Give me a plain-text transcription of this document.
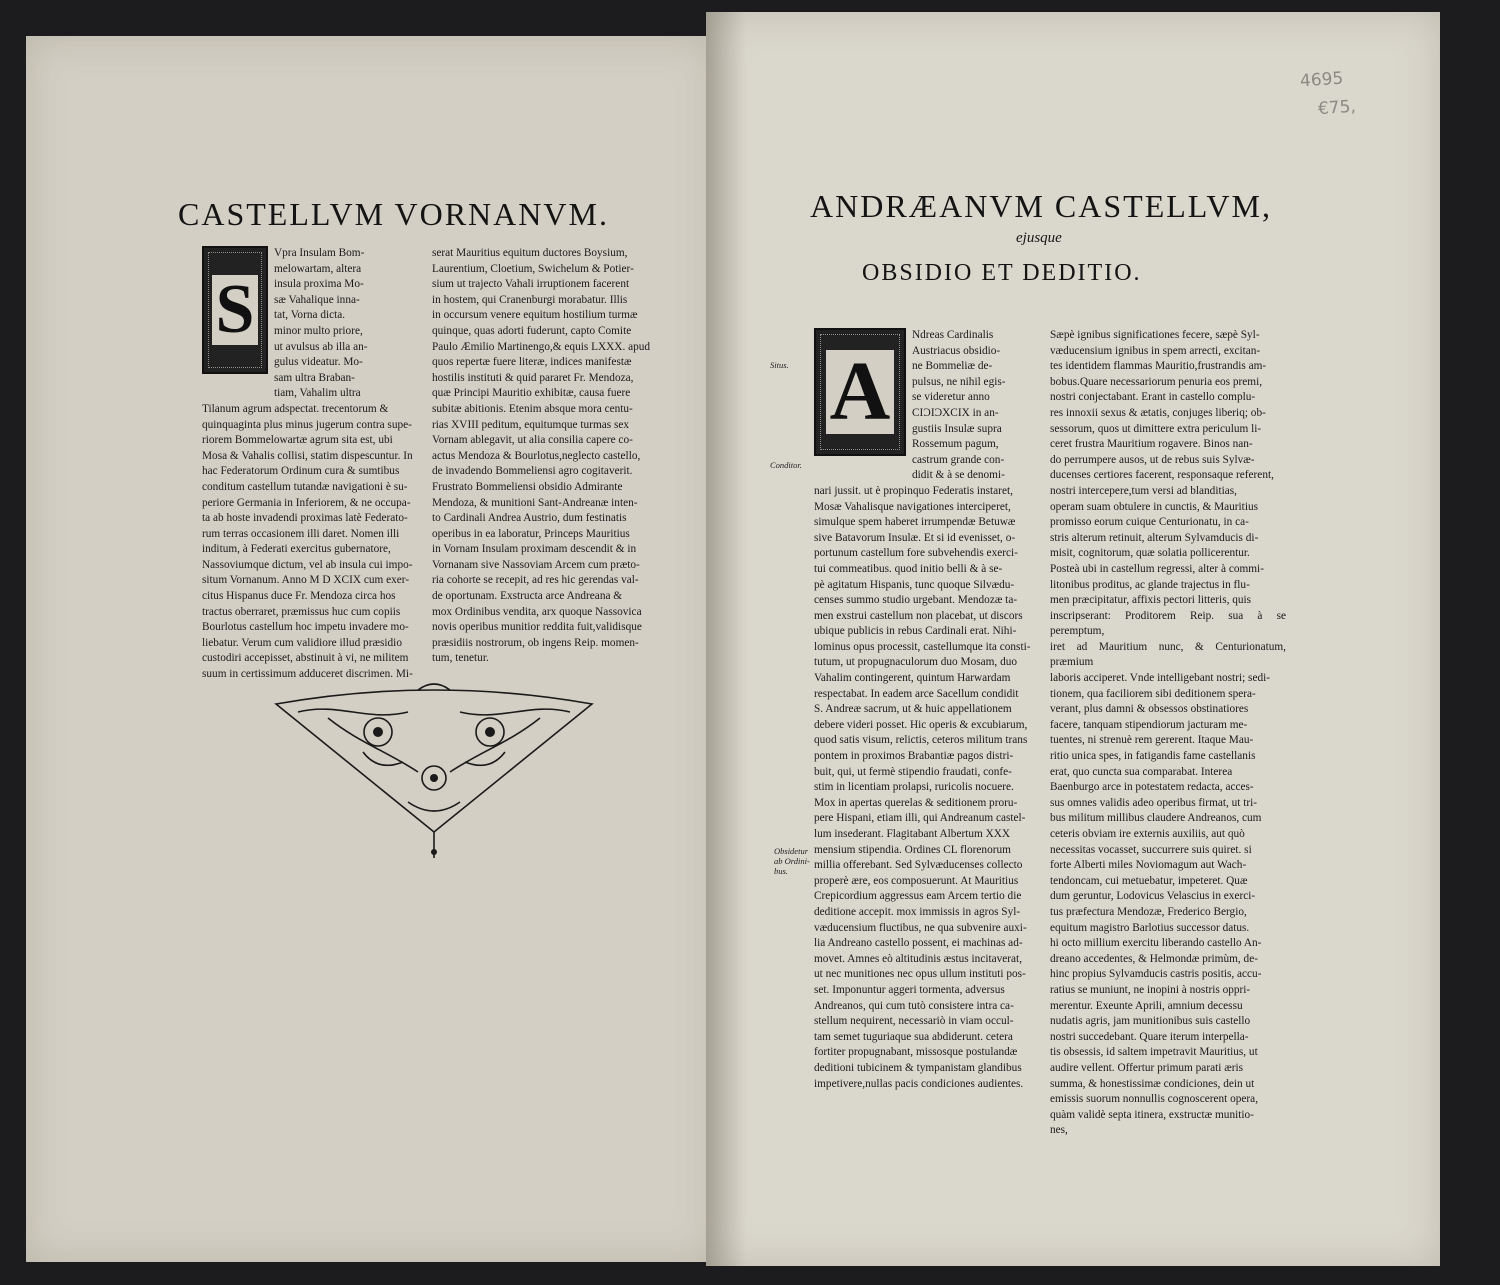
CASTELLVM VORNANVM.
S

Vpra Insulam Bom-
melowartam, altera
insula proxima Mo-
sæ Vahalique inna-
tat, Vorna dicta.
minor multo priore,
ut avulsus ab illa an-
gulus videatur. Mo-
sam ultra Braban-
tiam, Vahalim ultra
Tilanum agrum adspectat. trecentorum &
quinquaginta plus minus jugerum contra supe-
riorem Bommelowartæ agrum sita est, ubi
Mosa & Vahalis collisi, statim dispescuntur. In
hac Federatorum Ordinum cura & sumtibus
conditum castellum tutandæ navigationi è su-
periore Germania in Inferiorem, & ne occupa-
ta ab hoste invadendi proximas latè Federato-
rum terras occasionem illi daret. Nomen illi
inditum, à Federati exercitus gubernatore,
Nassoviumque dictum, vel ab insula cui impo-
situm Vornanum. Anno M D XCIX cum exer-
citus Hispanus duce Fr. Mendoza circa hos
tractus oberraret, præmissus huc cum copiis
Bourlotus castellum hoc impetu invadere mo-
liebatur. Verum cum validiore illud præsidio
custodiri accepisset, abstinuit à vi, ne militem
suum in certissimum adduceret discrimen. Mi-

serat Mauritius equitum ductores Boysium,
Laurentium, Cloetium, Swichelum & Potier-
sium ut trajecto Vahali irruptionem facerent
in hostem, qui Cranenburgi morabatur. Illis
in occursum venere equitum hostilium turmæ
quinque, quas adorti fuderunt, capto Comite
Paulo Æmilio Martinengo,& equis LXXX. apud
quos repertæ fuere literæ, indices manifestæ
hostilis instituti & quid pararet Fr. Mendoza,
quæ Principi Mauritio exhibitæ, causa fuere
subitæ abitionis. Etenim absque mora centu-
rias XVIII peditum, equitumque turmas sex
Vornam ablegavit, ut alia consilia capere co-
actus Mendoza & Bourlotus,neglecto castello,
de invadendo Bommeliensi agro cogitaverit.
Frustrato Bommeliensi obsidio Admirante
Mendoza, & munitioni Sant-Andreanæ inten-
to Cardinali Andrea Austrio, dum festinatis
operibus in ea laboratur, Princeps Mauritius
in Vornam Insulam proximam descendit & in
Vornanam sive Nassoviam Arcem cum præto-
ria cohorte se recepit, ad res hic gerendas val-
de oportunam. Exstructa arce Andreana &
mox Ordinibus vendita, arx quoque Nassovica
novis operibus munitior reddita fuit,validisque
præsidiis nostrorum, ob ingens Reip. momen-
tum, tenetur.

4695

€75,

ANDRÆANVM CASTELLVM,

ejusque

OBSIDIO ET DEDITIO.
A

Situs.

Conditor.

Obsidetur
ab Ordini-
bus.

Ndreas Cardinalis
Austriacus obsidio-
ne Bommeliæ de-
pulsus, ne nihil egis-
se videretur anno
CIƆIƆXCIX in an-
gustiis Insulæ supra
Rossemum pagum,
castrum grande con-
didit & à se denomi-
nari jussit. ut è propinquo Federatis instaret,
Mosæ Vahalisque navigationes interciperet,
simulque spem haberet irrumpendæ Betuwæ
sive Batavorum Insulæ. Et si id evenisset, o-
portunum castellum fore subvehendis exerci-
tui commeatibus. quod initio belli & à se-
pè agitatum Hispanis, tunc quoque Silvædu-
censes summo studio urgebant. Mendozæ ta-
men exstrui castellum non placebat, ut discors
ubique publicis in rebus Cardinali erat. Nihi-
lominus opus processit, castellumque ita consti-
tutum, ut propugnaculorum duo Mosam, duo
Vahalim contingerent, quintum Harwardam
respectabat. In eadem arce Sacellum condidit
S. Andreæ sacrum, ut & huic appellationem
debere videri posset. Hic operis & excubiarum,
quod satis visum, relictis, ceteros militum trans
pontem in proximos Brabantiæ pagos distri-
buit, qui, ut fermè stipendio fraudati, confe-
stim in licentiam prolapsi, ruricolis nocuere.
Mox in apertas querelas & seditionem proru-
pere Hispani, etiam illi, qui Andreanum castel-
lum insederant. Flagitabant Albertum XXX
mensium stipendia. Ordines CL florenorum
millia offerebant. Sed Sylvæducenses collecto
properè ære, eos composuerunt. At Mauritius
Crepicordium aggressus eam Arcem tertio die
deditione accepit. mox immissis in agros Syl-
væducensium fluctibus, ne qua subvenire auxi-
lia Andreano castello possent, ei machinas ad-
movet. Amnes eò altitudinis æstus incitaverat,
ut nec munitiones nec opus ullum instituti pos-
set. Imponuntur aggeri tormenta, adversus
Andreanos, qui cum tutò consistere intra ca-
stellum nequirent, necessariò in viam occul-
tam semet tuguriaque sua abdiderunt. cetera
fortiter propugnabant, missosque postulandæ
deditioni tubicinem & tympanistam glandibus
impetivere,nullas pacis condiciones audientes.

Sæpè ignibus significationes fecere, sæpè Syl-
væducensium ignibus in spem arrecti, excitan-
tes identidem flammas Mauritio,frustrandis am-
bobus.Quare necessariorum penuria eos premi,
nostri conjectabant. Erant in castello complu-
res innoxii sexus & ætatis, conjuges liberiq; ob-
sessorum, quos ut dimittere extra periculum li-
ceret frustra Mauritium rogavere. Binos nan-
do perrumpere ausos, ut de rebus suis Sylvæ-
ducenses certiores facerent, responsaque referent,
nostri intercepere,tum versi ad blanditias,
operam suam obtulere in cunctis, & Mauritius
promisso eorum cuique Centurionatu, in ca-
stris alterum retinuit, alterum Sylvamducis di-
misit, cognitorum, quæ solatia pollicerentur.
Posteà ubi in castellum regressi, alter à commi-
litonibus proditus, ac glande trajectus in flu-
men præcipitatur, affixis pectori litteris, quis
inscripserant: Proditorem Reip. sua à se peremptum,
iret ad Mauritium nunc, & Centurionatum, præmium
laboris acciperet. Vnde intelligebant nostri; sedi-
tionem, qua faciliorem sibi deditionem spera-
verant, plus damni & obsessos obstinatiores
facere, tanquam stipendiorum jacturam me-
tuentes, ni strenuè rem gererent. Itaque Mau-
ritio unica spes, in fatigandis fame castellanis
erat, quo cuncta sua comparabat. Interea
Baenburgo arce in potestatem redacta, acces-
sus omnes validis adeo operibus firmat, ut tri-
bus militum millibus claudere Andreanos, cum
ceteris obviam ire externis auxiliis, aut quò
necessitas vocasset, succurrere suis quiret. si
forte Alberti miles Noviomagum aut Wach-
tendoncam, cui metuebatur, impeteret. Quæ
dum geruntur, Lodovicus Velascius in exerci-
tus præfectura Mendozæ, Frederico Bergio,
equitum magistro Barlotius successor datus.
hi octo millium exercitu liberando castello An-
dreano accedentes, & Helmondæ primùm, de-
hinc propius Sylvamducis castris positis, accu-
ratius se muniunt, ne inopini à nostris oppri-
merentur. Exeunte Aprili, amnium decessu
nudatis agris, jam munitionibus suis castello
nostri succedebant. Quare iterum interpella-
tis obsessis, id saltem impetravit Mauritius, ut
audire vellent. Offertur primum parati æris
summa, & honestissimæ condiciones, dein ut
emissis suorum nonnullis cognoscerent opera,
quàm validè septa itinera, exstructæ munitio-
nes,
